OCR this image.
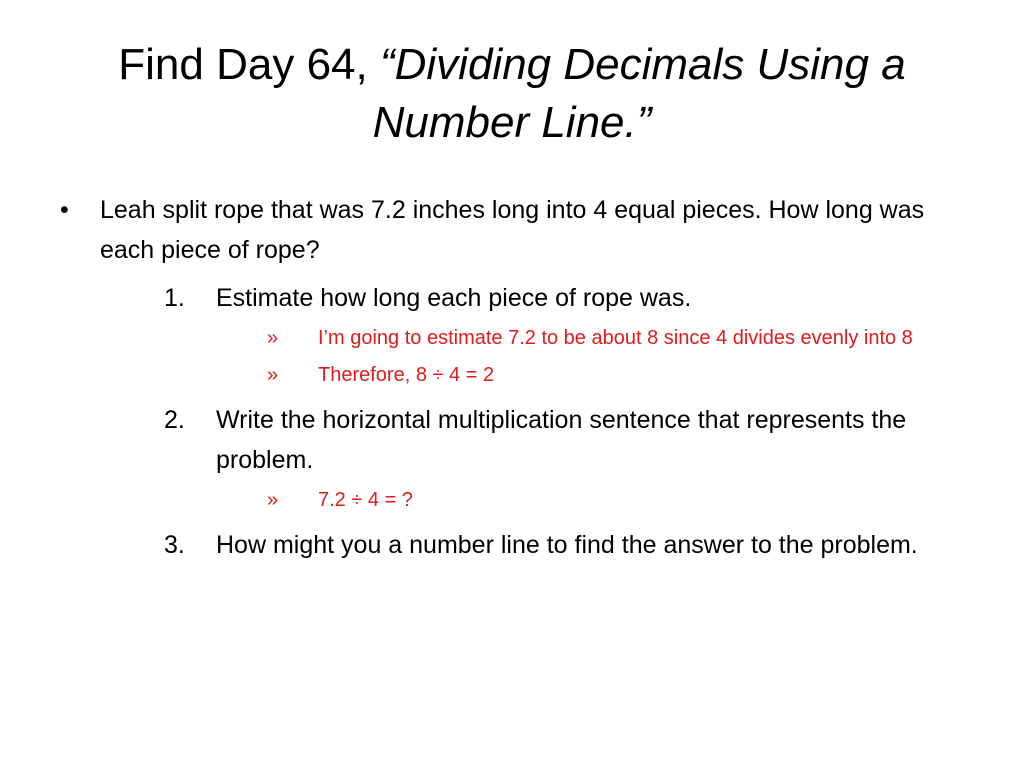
Find Day 64, “Dividing Decimals Using a Number Line.”
•	Leah split rope that was 7.2 inches long into 4 equal pieces. How long was each piece of rope?
1.	Estimate how long each piece of rope was.
»	I’m going to estimate 7.2 to be about 8 since 4 divides evenly into 8
»	Therefore, 8 ÷ 4 = 2
2.	Write the horizontal multiplication sentence that represents the problem.
»	7.2 ÷ 4 = ?
3.	How might you a number line to find the answer to the problem.
